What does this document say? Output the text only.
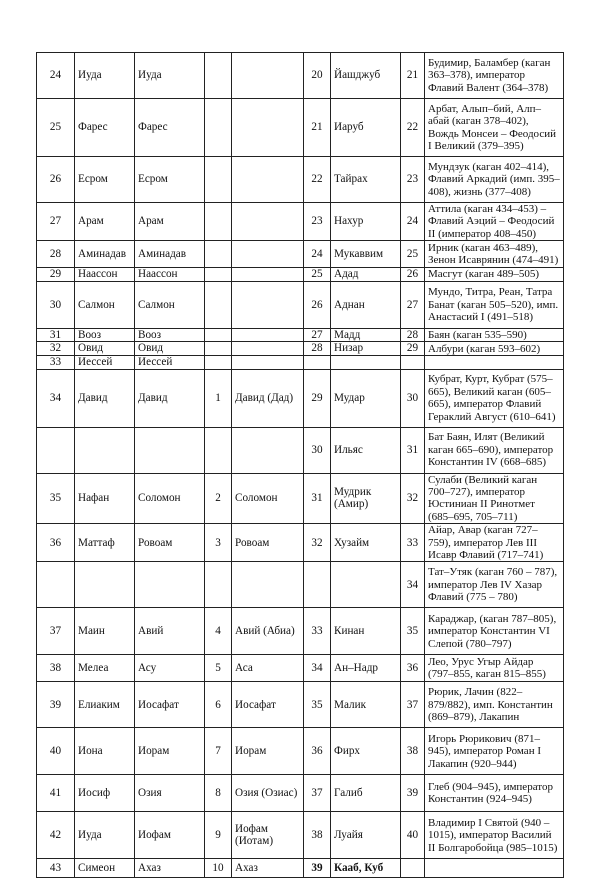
24	Иуда	Иуда			20	Йашджуб	21	Будимир, Баламбер (каган 363–378), император Флавий Валент (364–378)
25	Фарес	Фарес			21	Иаруб	22	Арбат, Алып–бий, Алп–абай (каган 378–402), Вождь Монсеи – Феодосий I Великий (379–395)
26	Есром	Есром			22	Тайрах	23	Мундзук (каган 402–414), Флавий Аркадий (имп. 395–408), жизнь (377–408)
27	Арам	Арам			23	Нахур	24	Аттила (каган 434–453) – Флавий Аэций – Феодосий II (император 408–450)
28	Аминадав	Аминадав			24	Мукаввим	25	Ирник (каган 463–489), Зенон Исаврянин (474–491)
29	Наассон	Наассон			25	Адад	26	Масгут (каган 489–505)
30	Салмон	Салмон			26	Аднан	27	Мундо, Титра, Реан, Татра Банат (каган 505–520), имп. Анастасий I (491–518)
31	Вооз	Вооз			27	Мадд	28	Баян (каган 535–590)
32	Овид	Овид			28	Низар	29	Албури (каган 593–602)
33	Иессей	Иессей						
34	Давид	Давид	1	Давид (Дад)	29	Мудар	30	Кубрат, Курт, Кубрат (575–665), Великий каган (605–665), император Флавий Гераклий Август (610–641)
					30	Ильяс	31	Бат Баян, Илят (Великий каган 665–690), император Константин IV (668–685)
35	Нафан	Соломон	2	Соломон	31	Мудрик (Амир)	32	Сулаби (Великий каган 700–727), император Юстиниан II Ринотмет (685–695, 705–711)
36	Маттаф	Ровоам	3	Ровоам	32	Хузайм	33	Айар, Авар (каган 727–759), император Лев III Исавр Флавий (717–741)
							34	Тат–Утяк (каган 760 – 787), император Лев IV Хазар Флавий (775 – 780)
37	Маин	Авий	4	Авий (Абиа)	33	Кинан	35	Караджар, (каган 787–805), император Константин VI Слепой (780–797)
38	Мелеа	Асу	5	Аса	34	Ан–Надр	36	Лео, Урус Угыр Айдар (797–855, каган 815–855)
39	Елиаким	Иосафат	6	Иосафат	35	Малик	37	Рюрик, Лачин (822–879/882), имп. Константин (869–879), Лакапин
40	Иона	Иорам	7	Иорам	36	Фирх	38	Игорь Рюрикович (871–945), император Роман I Лакапин (920–944)
41	Иосиф	Озия	8	Озия (Озиас)	37	Галиб	39	Глеб (904–945), император Константин (924–945)
42	Иуда	Иофам	9	Иофам (Иотам)	38	Луайя	40	Владимир I Святой (940 – 1015), император Василий II Болгаробойца (985–1015)
43	Симеон	Ахаз	10	Ахаз	39	Кааб, Куб		
